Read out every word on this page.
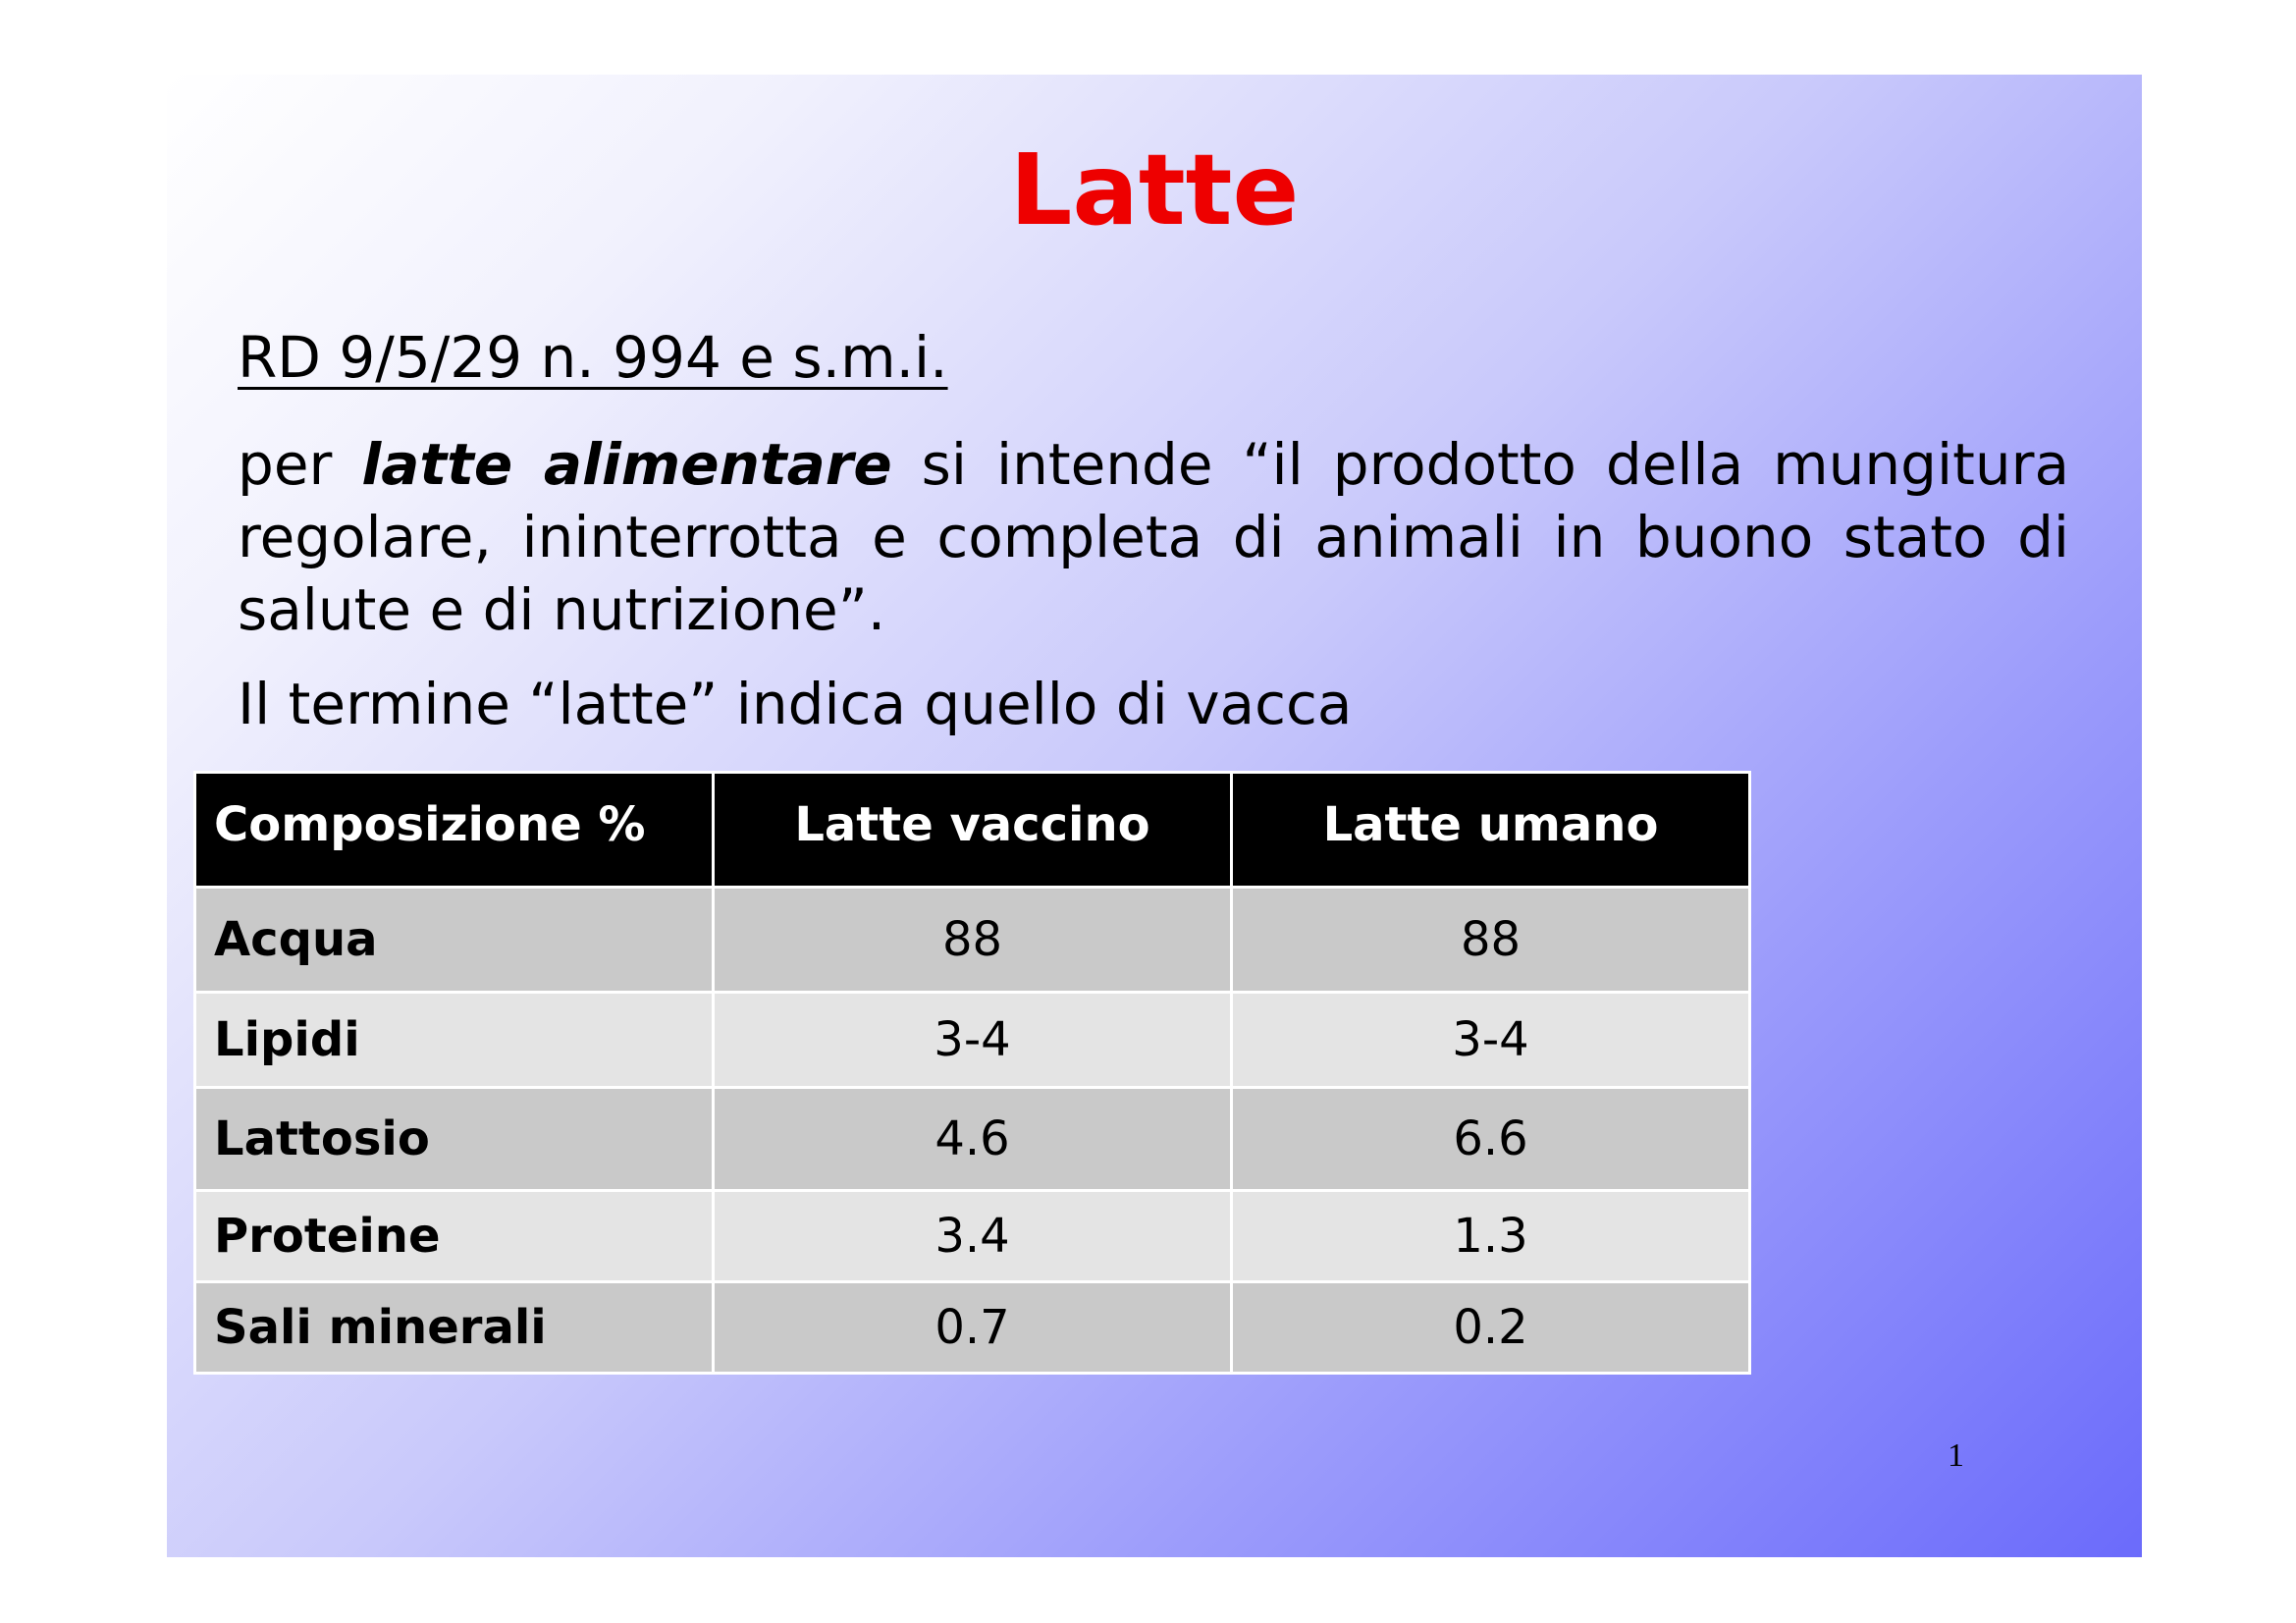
Latte
RD 9/5/29 n. 994 e s.m.i.

per latte alimentare si intende “il prodotto della mungitura regolare, ininterrotta e completa di animali in buono stato di salute e di nutrizione”.

Il termine “latte” indica quello di vacca

1
Composizione %	Latte vaccino	Latte umano
Acqua	88	88
Lipidi	3-4	3-4
Lattosio	4.6	6.6
Proteine	3.4	1.3
Sali minerali	0.7	0.2
